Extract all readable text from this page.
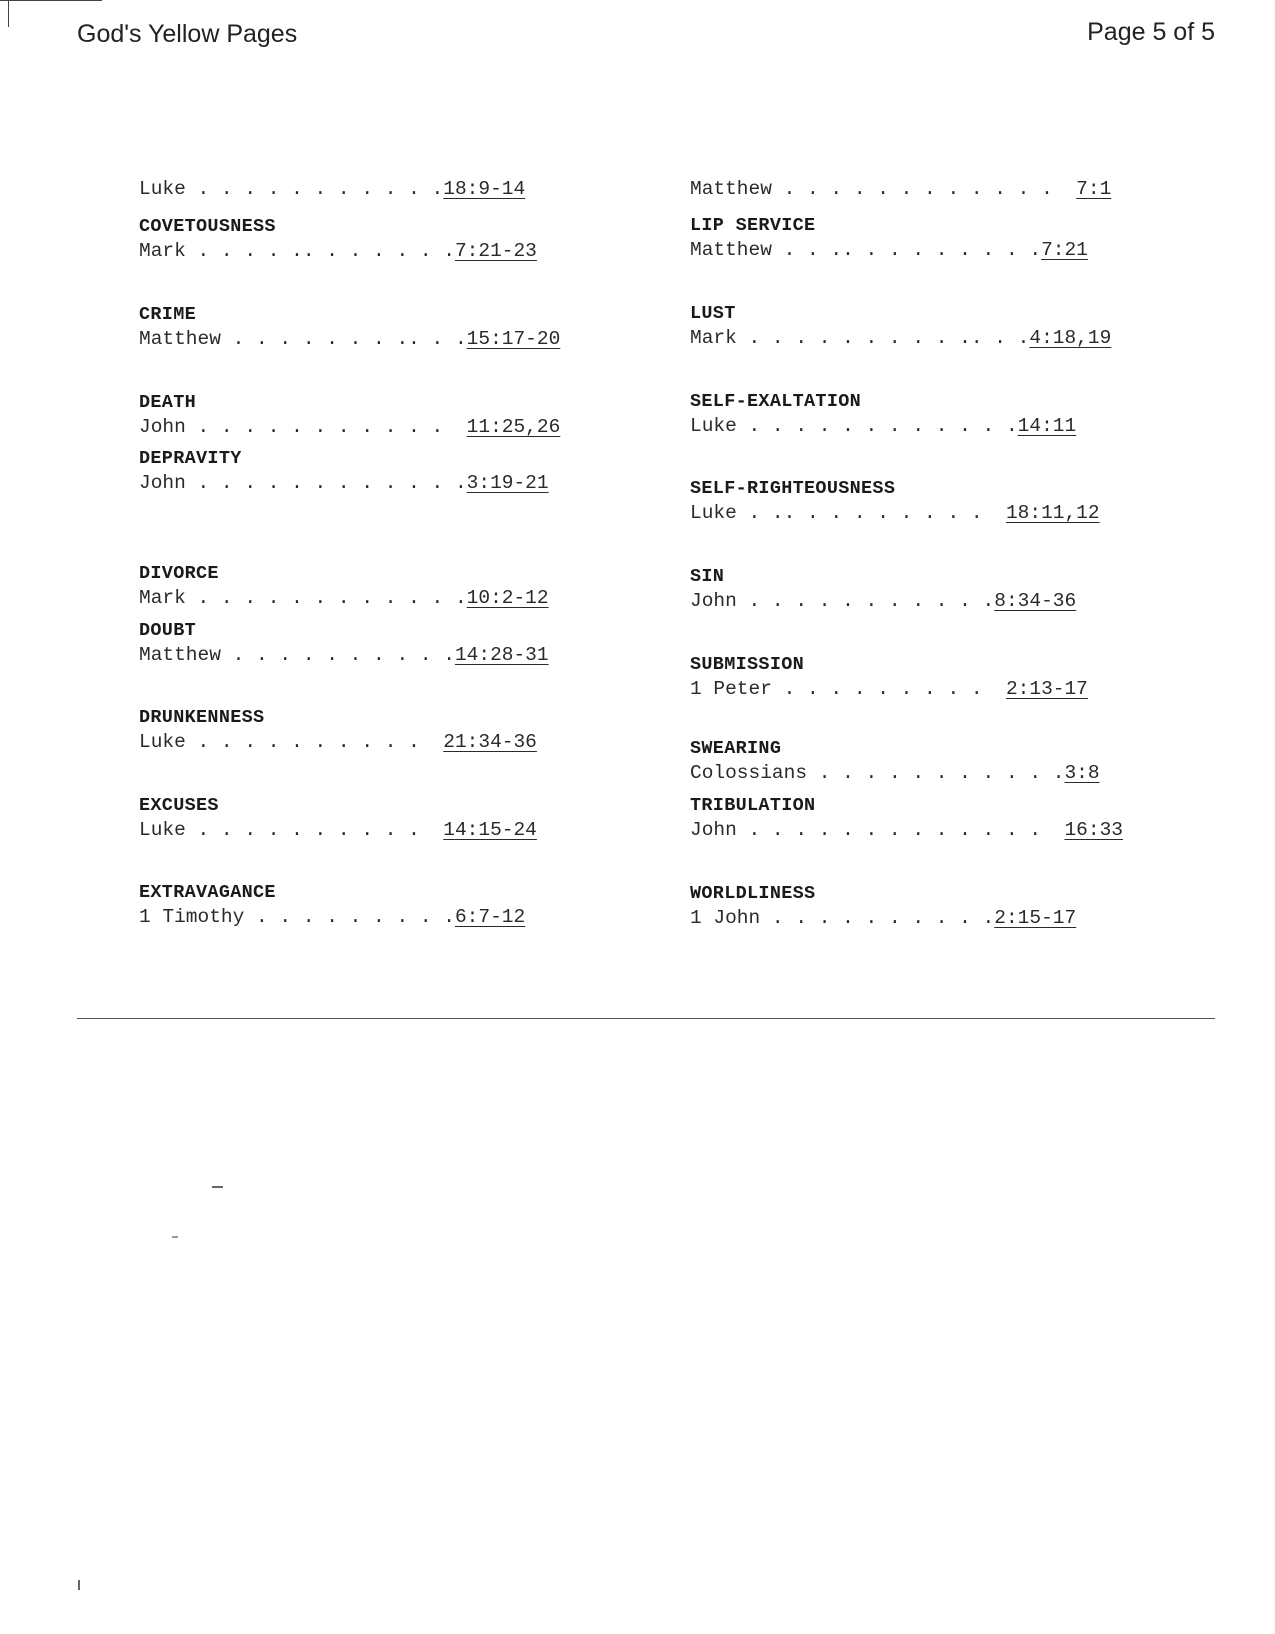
God's Yellow Pages	Page 5 of 5
Luke . . . . . . . . . . .18:9-14
COVETOUSNESS
Mark . . . . .. . . . . . .7:21-23
CRIME
Matthew . . . . . . . .. . .15:17-20
DEATH
John . . . . . . . . . . .  11:25,26
DEPRAVITY
John . . . . . . . . . . . .3:19-21
DIVORCE
Mark . . . . . . . . . . . .10:2-12
DOUBT
Matthew . . . . . . . . . .14:28-31
DRUNKENNESS
Luke . . . . . . . . . .  21:34-36
EXCUSES
Luke . . . . . . . . . .  14:15-24
EXTRAVAGANCE
1 Timothy . . . . . . . . .6:7-12
Matthew . . . . . . . . . . . .  7:1
LIP SERVICE
Matthew . . .. . . . . . . . .7:21
LUST
Mark . . . . . . . . . .. . .4:18,19
SELF-EXALTATION
Luke . . . . . . . . . . . .14:11
SELF-RIGHTEOUSNESS
Luke . .. . . . . . . . .  18:11,12
SIN
John . . . . . . . . . . .8:34-36
SUBMISSION
1 Peter . . . . . . . . .  2:13-17
SWEARING
Colossians . . . . . . . . . . .3:8
TRIBULATION
John . . . . . . . . . . . . .  16:33
WORLDLINESS
1 John . . . . . . . . . .2:15-17
